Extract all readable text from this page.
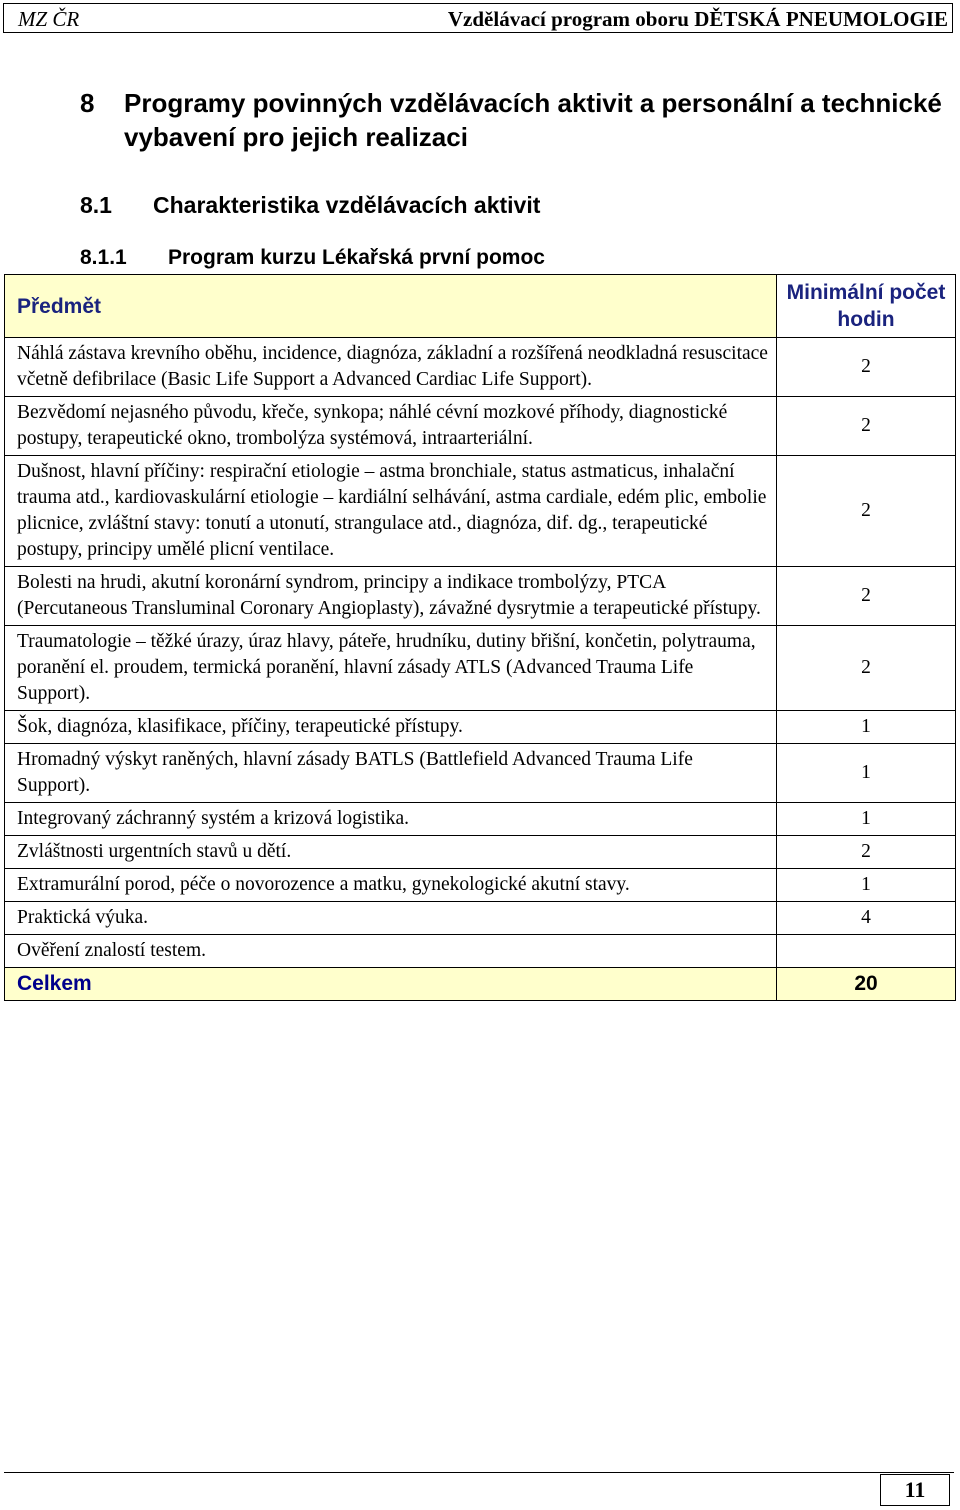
MZ ČR	Vzdělávací program oboru DĚTSKÁ PNEUMOLOGIE
8 Programy povinných vzdělávacích aktivit a personální a technické vybavení pro jejich realizaci
8.1 Charakteristika vzdělávacích aktivit
8.1.1 Program kurzu Lékařská první pomoc
Předmět	Minimální počet hodin
Náhlá zástava krevního oběhu, incidence, diagnóza, základní a rozšířená neodkladná resuscitace včetně defibrilace (Basic Life Support a Advanced Cardiac Life Support).	2
Bezvědomí nejasného původu, křeče, synkopa; náhlé cévní mozkové příhody, diagnostické postupy, terapeutické okno, trombolýza systémová, intraarteriální.	2
Dušnost, hlavní příčiny: respirační etiologie – astma bronchiale, status astmaticus, inhalační trauma atd., kardiovaskulární etiologie – kardiální selhávání, astma cardiale, edém plic, embolie plicnice, zvláštní stavy: tonutí a utonutí, strangulace atd., diagnóza, dif. dg., terapeutické postupy, principy umělé plicní ventilace.	2
Bolesti na hrudi, akutní koronární syndrom, principy a indikace trombolýzy, PTCA (Percutaneous Transluminal Coronary Angioplasty), závažné dysrytmie a terapeutické přístupy.	2
Traumatologie – těžké úrazy, úraz hlavy, páteře, hrudníku, dutiny břišní, končetin, polytrauma, poranění el. proudem, termická poranění, hlavní zásady ATLS (Advanced Trauma Life Support).	2
Šok, diagnóza, klasifikace, příčiny, terapeutické přístupy.	1
Hromadný výskyt raněných, hlavní zásady BATLS (Battlefield Advanced Trauma Life Support).	1
Integrovaný záchranný systém a krizová logistika.	1
Zvláštnosti urgentních stavů u dětí.	2
Extramurální porod, péče o novorozence a matku, gynekologické akutní stavy.	1
Praktická výuka.	4
Ověření znalostí testem.	
Celkem	20
11
